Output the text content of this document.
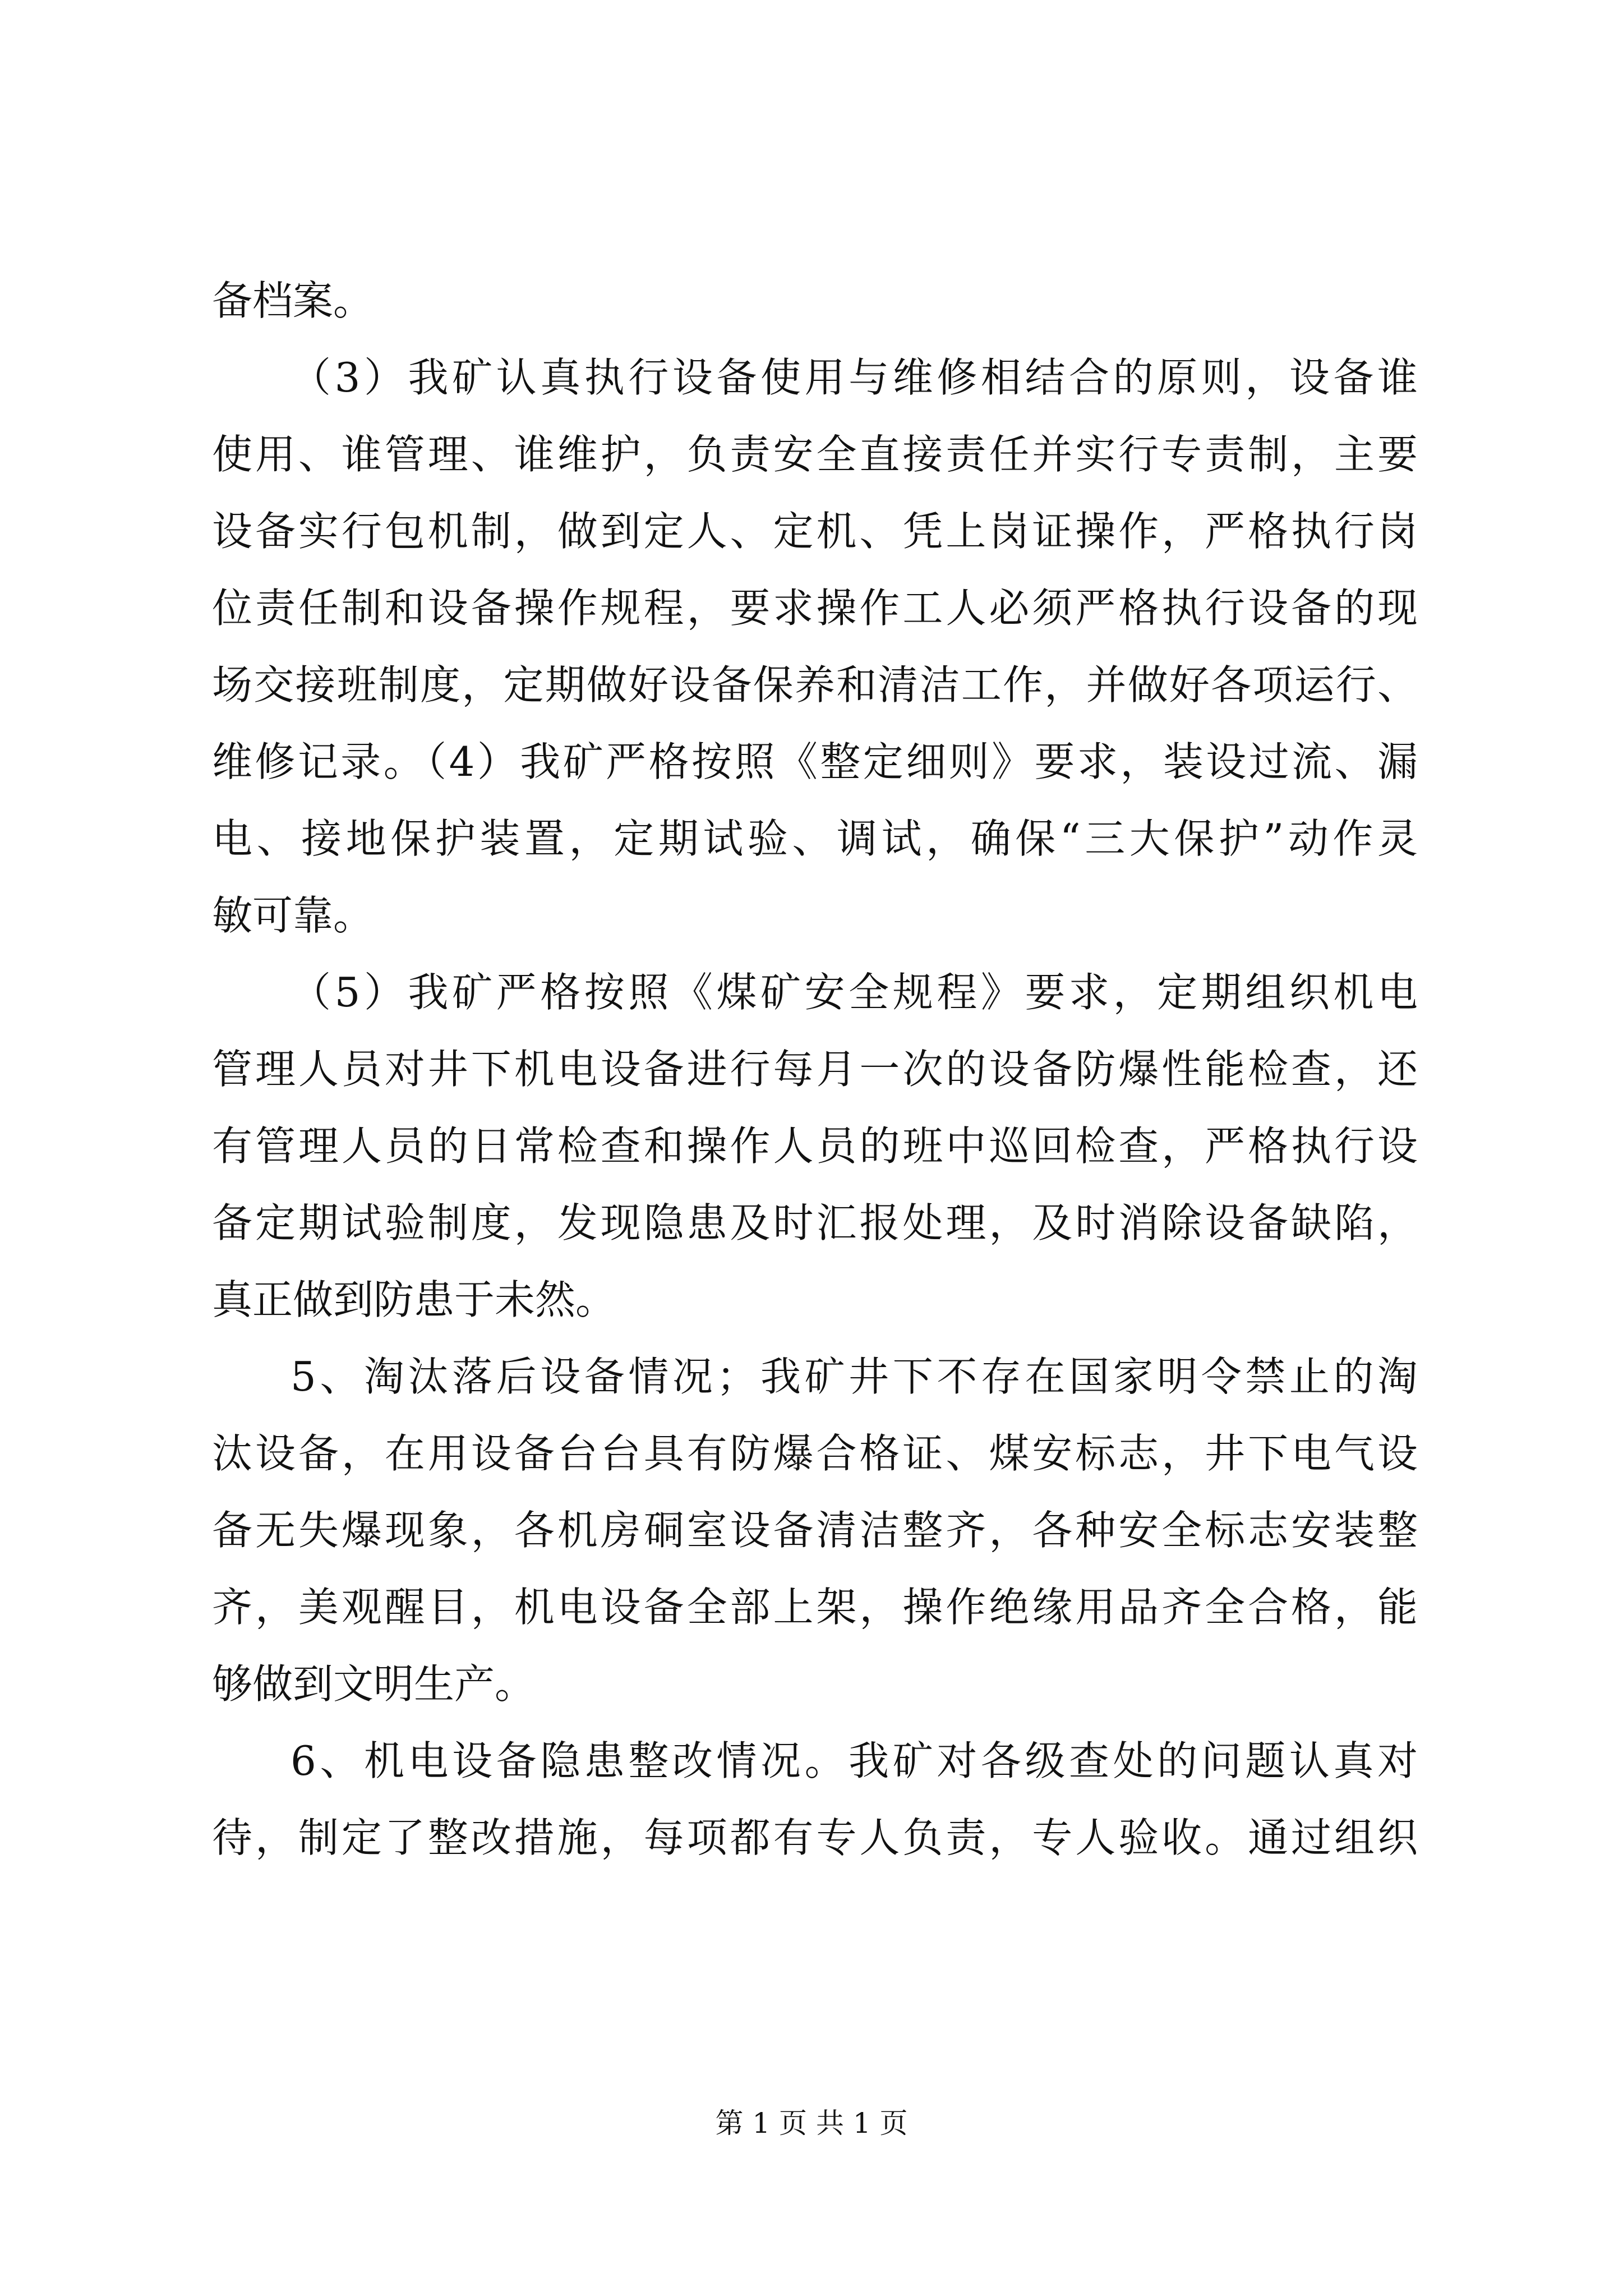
备档案。
（3）我矿认真执行设备使用与维修相结合的原则，设备谁
使用、谁管理、谁维护，负责安全直接责任并实行专责制，主要
设备实行包机制，做到定人、定机、凭上岗证操作，严格执行岗
位责任制和设备操作规程，要求操作工人必须严格执行设备的现
场交接班制度，定期做好设备保养和清洁工作，并做好各项运行、
维修记录。（4）我矿严格按照《整定细则》要求，装设过流、漏
电、接地保护装置，定期试验、调试，确保“三大保护”动作灵
敏可靠。
（5）我矿严格按照《煤矿安全规程》要求，定期组织机电
管理人员对井下机电设备进行每月一次的设备防爆性能检查，还
有管理人员的日常检查和操作人员的班中巡回检查，严格执行设
备定期试验制度，发现隐患及时汇报处理，及时消除设备缺陷，
真正做到防患于未然。
5、淘汰落后设备情况；我矿井下不存在国家明令禁止的淘
汰设备，在用设备台台具有防爆合格证、煤安标志，井下电气设
备无失爆现象，各机房硐室设备清洁整齐，各种安全标志安装整
齐，美观醒目，机电设备全部上架，操作绝缘用品齐全合格，能
够做到文明生产。
6、机电设备隐患整改情况。我矿对各级查处的问题认真对
待，制定了整改措施，每项都有专人负责，专人验收。通过组织
第 1 页 共 1 页
